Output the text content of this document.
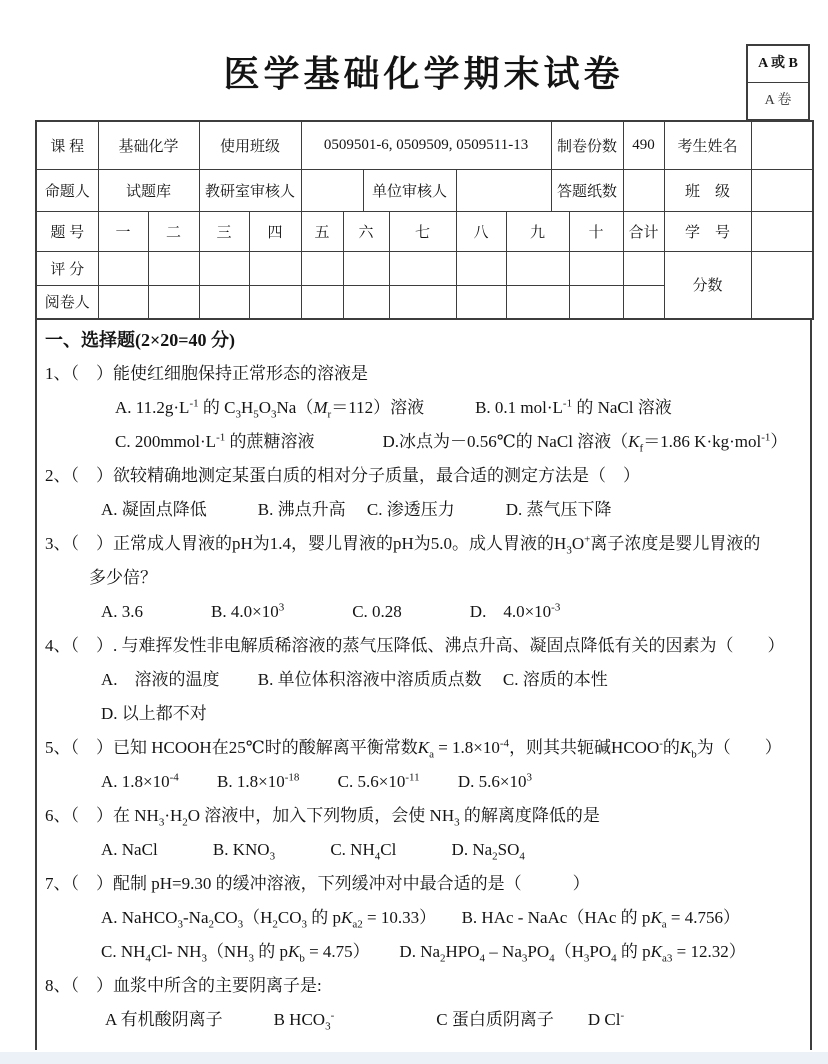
A 或 B
A 卷
医学基础化学期末试卷
课 程	基础化学		使用班级		0509501-6, 0509509, 0509511-13						制卷份数		490	考生姓名	
命题人	试题库		教研室审核人				单位审核人				答题纸数			班　级	
题 号	一	二	三	四	五	六		七	八	九		十	合计	学　号	
评 分														分数	
阅卷人															
一、选择题(2×20=40 分)
1、（　）能使红细胞保持正常形态的溶液是
A. $11.2g\cdot L^{-1}$ 的 $C_3H_5O_3Na(M_r=112)$溶液　　　B. 0.1 $mol\cdot L^{-1}$ 的 NaCl 溶液
C. $200mmol\cdot L^{-1}$ 的蔗糖溶液　　　　D.冰点为－0.56℃的 NaCl 溶液（$K_f=1.86$ K·kg·mol$^{-1}$）
2、（　）欲较精确地测定某蛋白质的相对分子质量，最合适的测定方法是（　）
A. 凝固点降低　　　B. 沸点升高　 C. 渗透压力　　　D. 蒸气压下降
3、（　）正常成人胃液的pH为1.4，婴儿胃液的pH为5.0。成人胃液的$H_3O^+$离子浓度是婴儿胃液的
多少倍？
A. 3.6　　　　B. $4.0\times 10^3$　　　　C. 0.28　　　　D.　$4.0\times 10^{-3}$
4、（　）. 与难挥发性非电解质稀溶液的蒸气压降低、沸点升高、凝固点降低有关的因素为（　　）
A.　溶液的温度　　 B. 单位体积溶液中溶质质点数　 C. 溶质的本性
D. 以上都不对
5、（　）已知 HCOOH在25℃时的酸解离平衡常数$K_a = 1.8\times 10^{-4}$，则其共轭碱HCOO-的$K_b$为（　　）
A. $1.8\times 10^{-4}$　　 B. $1.8\times 10^{-18}$　　 C. $5.6\times 10^{-11}$　　 D. $5.6\times 10^3$
6、（　）在 $NH_3\cdot H_2O$ 溶液中，加入下列物质，会使 $NH_3$ 的解离度降低的是
A. NaCl　　　 B. $KNO_3$　　　 C. $NH_4Cl$　　　 D. $Na_2SO_4$
7、（　）配制 pH=9.30 的缓冲溶液，下列缓冲对中最合适的是（　　　）
A. $NaHCO_3-Na_2CO_3(H_2CO_3$ 的 $pK_{a2} = 10.33$）　　B. HAc - NaAc（HAc 的 $pK_a = 4.756$）
C. $NH_4Cl-$ $NH_3(NH_3$ 的 $pK_b = 4.75$）　　 D. $Na_2HPO_4 - Na_3PO_4(H_3PO_4$ 的 $pK_{a3} = 12.32$）
8、（　）血浆中所含的主要阴离子是:
A 有机酸阴离子　　　B $HCO_3^-$　　　　　　C 蛋白质阴离子　　D Cl-
